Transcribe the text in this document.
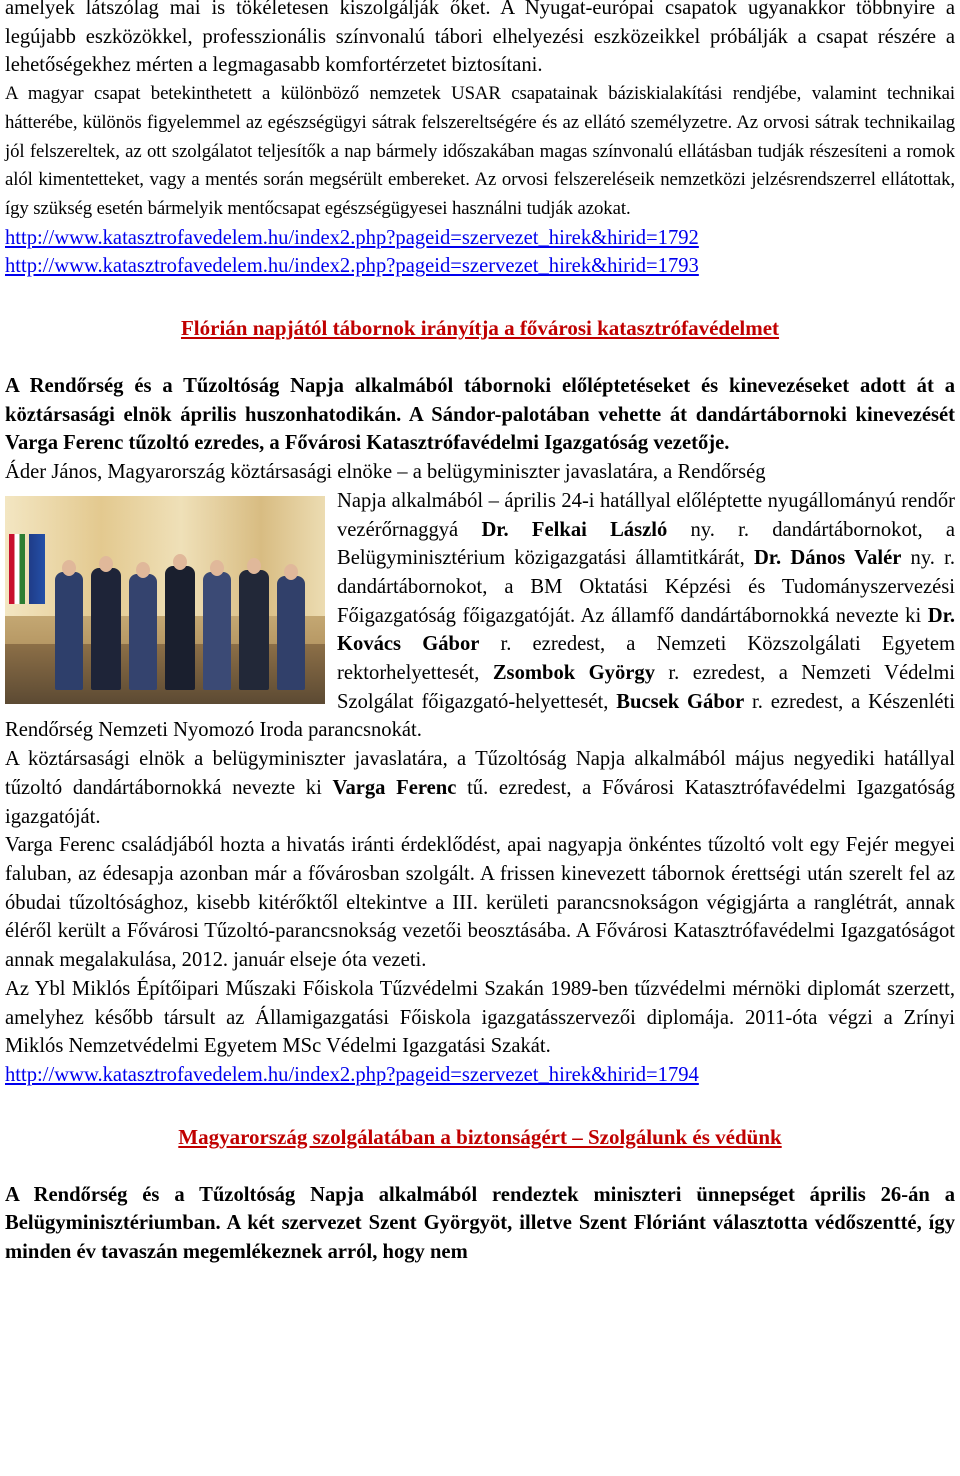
amelyek látszólag mai is tökéletesen kiszolgálják őket. A Nyugat-európai csapatok ugyanakkor többnyire a legújabb eszközökkel, professzionális színvonalú tábori elhelyezési eszközeikkel próbálják a csapat részére a lehetőségekhez mérten a legmagasabb komfortérzetet biztosítani.

A magyar csapat betekinthetett a különböző nemzetek USAR csapatainak báziskialakítási rendjébe, valamint technikai hátterébe, különös figyelemmel az egészségügyi sátrak felszereltségére és az ellátó személyzetre. Az orvosi sátrak technikailag jól felszereltek, az ott szolgálatot teljesítők a nap bármely időszakában magas színvonalú ellátásban tudják részesíteni a romok alól kimentetteket, vagy a mentés során megsérült embereket. Az orvosi felszereléseik nemzetközi jelzésrendszerrel ellátottak, így szükség esetén bármelyik mentőcsapat egészségügyesei használni tudják azokat.

http://www.katasztrofavedelem.hu/index2.php?pageid=szervezet_hirek&hirid=1792

http://www.katasztrofavedelem.hu/index2.php?pageid=szervezet_hirek&hirid=1793

Flórián napjától tábornok irányítja a fővárosi katasztrófavédelmet

A Rendőrség és a Tűzoltóság Napja alkalmából tábornoki előléptetéseket és kinevezéseket adott át a köztársasági elnök április huszonhatodikán. A Sándor-palotában vehette át dandártábornoki kinevezését Varga Ferenc tűzoltó ezredes, a Fővárosi Katasztrófavédelmi Igazgatóság vezetője.

Áder János, Magyarország köztársasági elnöke – a belügyminiszter javaslatára, a Rendőrség

Napja alkalmából – április 24-i hatállyal előléptette nyugállományú rendőr vezérőrnaggyá Dr. Felkai László ny. r. dandártábornokot, a Belügyminisztérium közigazgatási államtitkárát, Dr. Dános Valér ny. r. dandártábornokot, a BM Oktatási Képzési és Tudományszervezési Főigazgatóság főigazgatóját. Az államfő dandártábornokká nevezte ki Dr. Kovács Gábor r. ezredest, a Nemzeti Közszolgálati Egyetem rektorhelyettesét, Zsombok György r. ezredest, a Nemzeti Védelmi Szolgálat főigazgató-helyettesét, Bucsek Gábor r. ezredest, a Készenléti Rendőrség Nemzeti Nyomozó Iroda parancsnokát.

A köztársasági elnök a belügyminiszter javaslatára, a Tűzoltóság Napja alkalmából május negyediki hatállyal tűzoltó dandártábornokká nevezte ki Varga Ferenc tű. ezredest, a Fővárosi Katasztrófavédelmi Igazgatóság igazgatóját.

Varga Ferenc családjából hozta a hivatás iránti érdeklődést, apai nagyapja önkéntes tűzoltó volt egy Fejér megyei faluban, az édesapja azonban már a fővárosban szolgált. A frissen kinevezett tábornok érettségi után szerelt fel az óbudai tűzoltósághoz, kisebb kitérőktől eltekintve a III. kerületi parancsnokságon végigjárta a ranglétrát, annak éléről került a Fővárosi Tűzoltó-parancsnokság vezetői beosztásába. A Fővárosi Katasztrófavédelmi Igazgatóságot annak megalakulása, 2012. január elseje óta vezeti.

Az Ybl Miklós Építőipari Műszaki Főiskola Tűzvédelmi Szakán 1989-ben tűzvédelmi mérnöki diplomát szerzett, amelyhez később társult az Államigazgatási Főiskola igazgatásszervezői diplomája. 2011-óta végzi a Zrínyi Miklós Nemzetvédelmi Egyetem MSc Védelmi Igazgatási Szakát.

http://www.katasztrofavedelem.hu/index2.php?pageid=szervezet_hirek&hirid=1794

Magyarország szolgálatában a biztonságért – Szolgálunk és védünk

A Rendőrség és a Tűzoltóság Napja alkalmából rendeztek miniszteri ünnepséget április 26-án a Belügyminisztériumban. A két szervezet Szent Györgyöt, illetve Szent Flóriánt választotta védőszentté, így minden év tavaszán megemlékeznek arról, hogy nem
